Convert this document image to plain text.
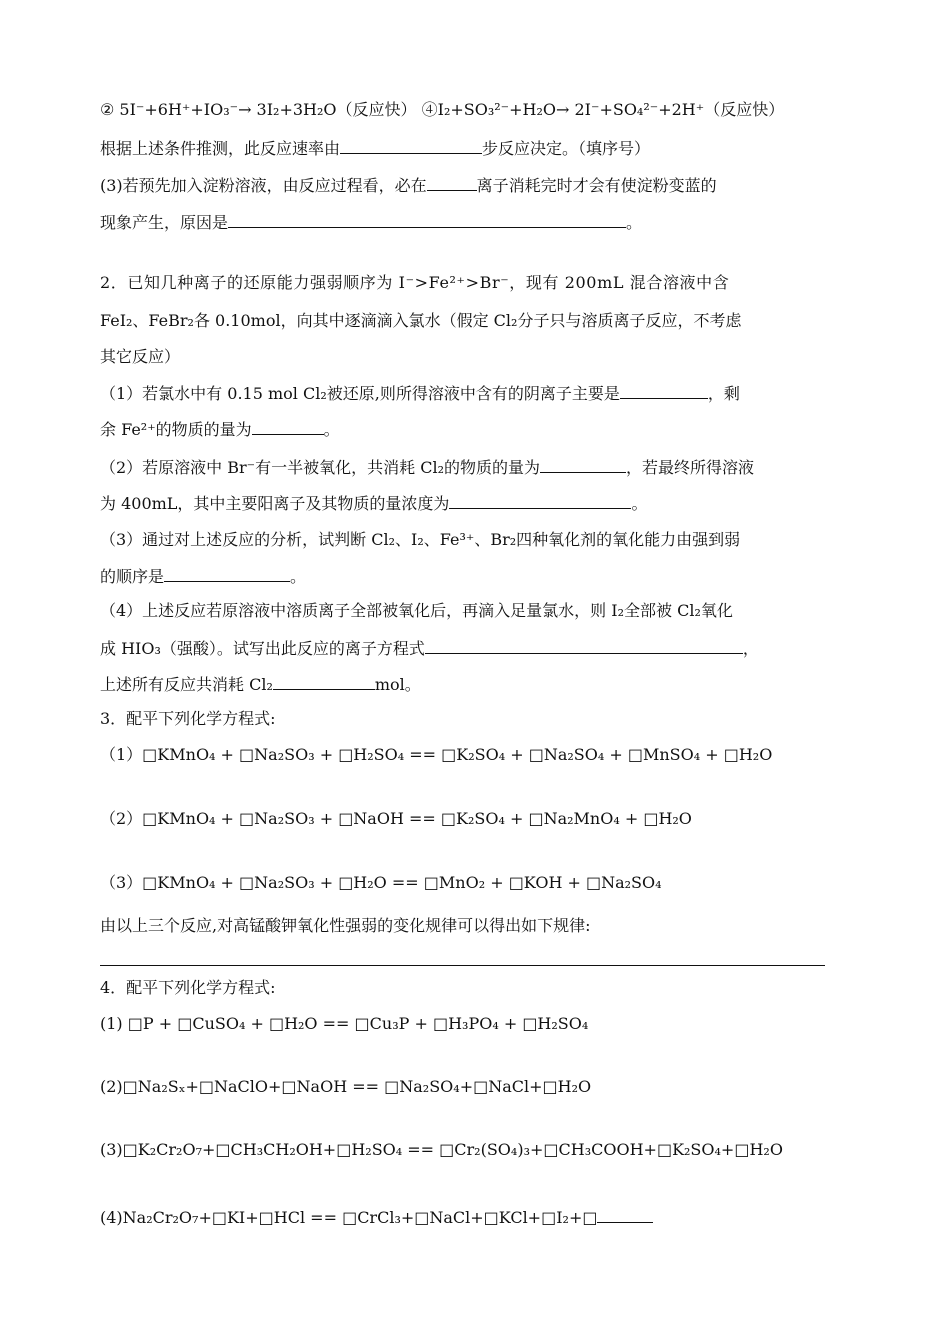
② 5I⁻+6H⁺+IO₃⁻→ 3I₂+3H₂O（反应快） ④I₂+SO₃²⁻+H₂O→ 2I⁻+SO₄²⁻+2H⁺（反应快）
根据上述条件推测，此反应速率由	步反应决定。（填序号）
(3)若预先加入淀粉溶液，由反应过程看，必在	离子消耗完时才会有使淀粉变蓝的
现象产生，原因是	。
2．已知几种离子的还原能力强弱顺序为 I⁻>Fe²⁺>Br⁻，现有 200mL 混合溶液中含
FeI₂、FeBr₂各 0.10mol，向其中逐滴滴入氯水（假定 Cl₂分子只与溶质离子反应，不考虑
其它反应）
（1）若氯水中有 0.15 mol Cl₂被还原,则所得溶液中含有的阴离子主要是	，剩
余 Fe²⁺的物质的量为	。
（2）若原溶液中 Br⁻有一半被氧化，共消耗 Cl₂的物质的量为	，若最终所得溶液
为 400mL，其中主要阳离子及其物质的量浓度为	。
（3）通过对上述反应的分析，试判断 Cl₂、I₂、Fe³⁺、Br₂四种氧化剂的氧化能力由强到弱
的顺序是	。
（4）上述反应若原溶液中溶质离子全部被氧化后，再滴入足量氯水，则 I₂全部被 Cl₂氧化
成 HIO₃（强酸）。试写出此反应的离子方程式	，
上述所有反应共消耗 Cl₂	mol。
3．配平下列化学方程式:
（1）□KMnO₄ + □Na₂SO₃ + □H₂SO₄ == □K₂SO₄ + □Na₂SO₄ + □MnSO₄ + □H₂O
（2）□KMnO₄ + □Na₂SO₃ + □NaOH == □K₂SO₄ + □Na₂MnO₄ + □H₂O
（3）□KMnO₄ + □Na₂SO₃ + □H₂O == □MnO₂ + □KOH + □Na₂SO₄
由以上三个反应,对高锰酸钾氧化性强弱的变化规律可以得出如下规律:
4．配平下列化学方程式:
(1) □P + □CuSO₄ + □H₂O == □Cu₃P + □H₃PO₄ + □H₂SO₄
(2)□Na₂Sₓ+□NaClO+□NaOH == □Na₂SO₄+□NaCl+□H₂O
(3)□K₂Cr₂O₇+□CH₃CH₂OH+□H₂SO₄ == □Cr₂(SO₄)₃+□CH₃COOH+□K₂SO₄+□H₂O
(4)Na₂Cr₂O₇+□KI+□HCl == □CrCl₃+□NaCl+□KCl+□I₂+□
